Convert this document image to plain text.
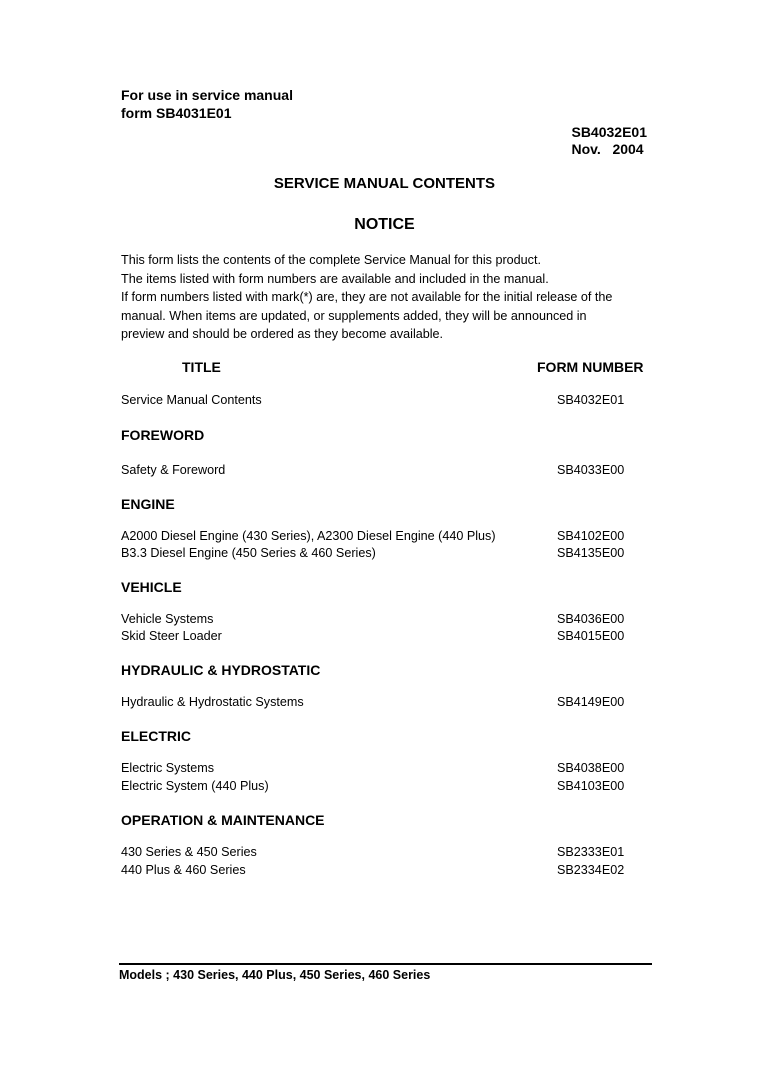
For use in service manual
form SB4031E01
SB4032E01
Nov.   2004
SERVICE MANUAL CONTENTS
NOTICE
This form lists the contents of the complete Service Manual for this product.
The items listed with form numbers are available and included in the manual.
If form numbers listed with mark(*) are, they are not available for the initial release of the
manual. When items are updated, or supplements added, they will be announced in
preview and should be ordered as they become available.
TITLE	FORM NUMBER
Service Manual Contents	SB4032E01
FOREWORD
Safety & Foreword	SB4033E00
ENGINE
A2000 Diesel Engine (430 Series), A2300 Diesel Engine (440 Plus)	SB4102E00
B3.3 Diesel Engine (450 Series & 460 Series)	SB4135E00
VEHICLE
Vehicle Systems	SB4036E00
Skid Steer Loader	SB4015E00
HYDRAULIC & HYDROSTATIC
Hydraulic & Hydrostatic Systems	SB4149E00
ELECTRIC
Electric Systems	SB4038E00
Electric System (440 Plus)	SB4103E00
OPERATION & MAINTENANCE
430 Series & 450 Series	SB2333E01
440 Plus & 460 Series	SB2334E02
Models ; 430 Series, 440 Plus, 450 Series, 460 Series
